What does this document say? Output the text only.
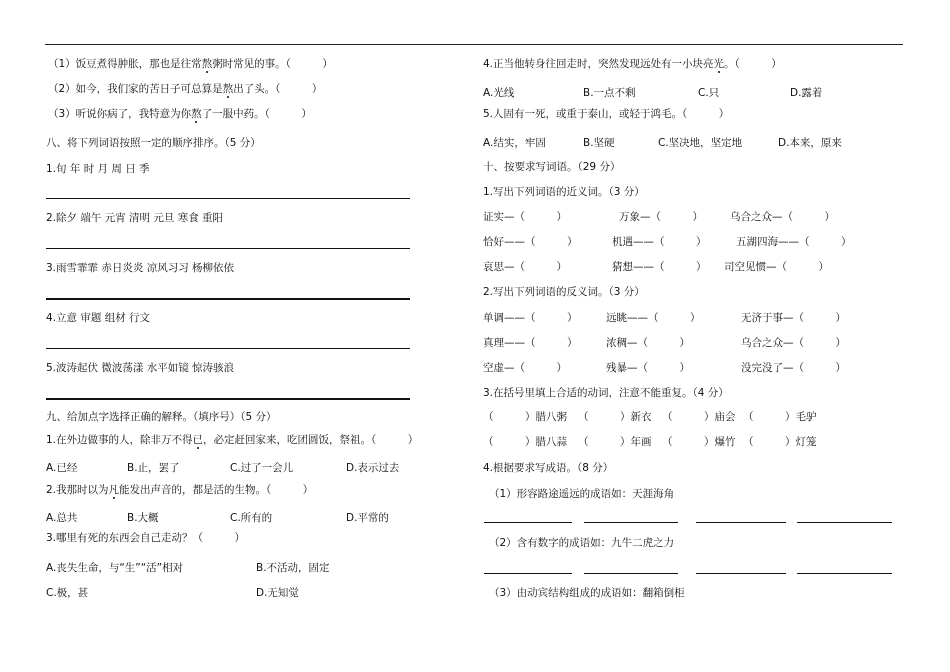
（1）饭豆煮得肿胀，那也是往常熬粥时常见的事。（　　　）
（2）如今，我们家的苦日子可总算是熬出了头。（　　　）
（3）听说你病了，我特意为你熬了一服中药。（　　　）
八、将下列词语按照一定的顺序排序。（5 分）
1.旬 年 时 月 周 日 季
2.除夕 端午 元宵 清明 元旦 寒食 重阳
3.雨雪霏霏 赤日炎炎 凉风习习 杨柳依依
4.立意 审题 组材 行文
5.波涛起伏 微波荡漾 水平如镜 惊涛骇浪
九、给加点字选择正确的解释。（填序号）（5 分）
1.在外边做事的人，除非万不得已，必定赶回家来，吃团圆饭，祭祖。（　　　）
A.已经	B.止，罢了	C.过了一会儿	D.表示过去
2.我那时以为凡能发出声音的，都是活的生物。（　　　）
A.总共	B.大概	C.所有的	D.平常的
3.哪里有死的东西会自己走动？（　　　）
A.丧失生命，与“生”“活”相对	B.不活动，固定
C.极，甚	D.无知觉
4.正当他转身往回走时，突然发现远处有一小块亮光。（　　　）
A.光线	B.一点不剩	C.只	D.露着
5.人固有一死，或重于泰山，或轻于鸿毛。（　　　）
A.结实，牢固	B.坚硬	C.坚决地，坚定地	D.本来，原来
十、按要求写词语。（29 分）
1.写出下列词语的近义词。（3 分）
证实—（　　　）	万象—（　　　）	乌合之众—（　　　）
恰好——（　　　）	机遇——（　　　）	五湖四海——（　　　）
哀思—（　　　）	猜想——（　　　） 司空见惯—（　　　）
2.写出下列词语的反义词。（3 分）
单调——（　　　）	远眺——（　　　）	无济于事—（　　　）
真理——（　　　）	浓稠—（　　　）	乌合之众—（　　　）
空虚—（　　　）	残暴—（　　　）	没完没了—（　　　）
3.在括号里填上合适的动词，注意不能重复。（4 分）
（　　　）腊八粥 （　　　）新衣 （　　　）庙会 （　　　）毛驴
（　　　）腊八蒜 （　　　）年画 （　　　）爆竹 （　　　）灯笼
4.根据要求写成语。（8 分）
（1）形容路途遥远的成语如：天涯海角
（2）含有数字的成语如：九牛二虎之力
（3）由动宾结构组成的成语如：翻箱倒柜
